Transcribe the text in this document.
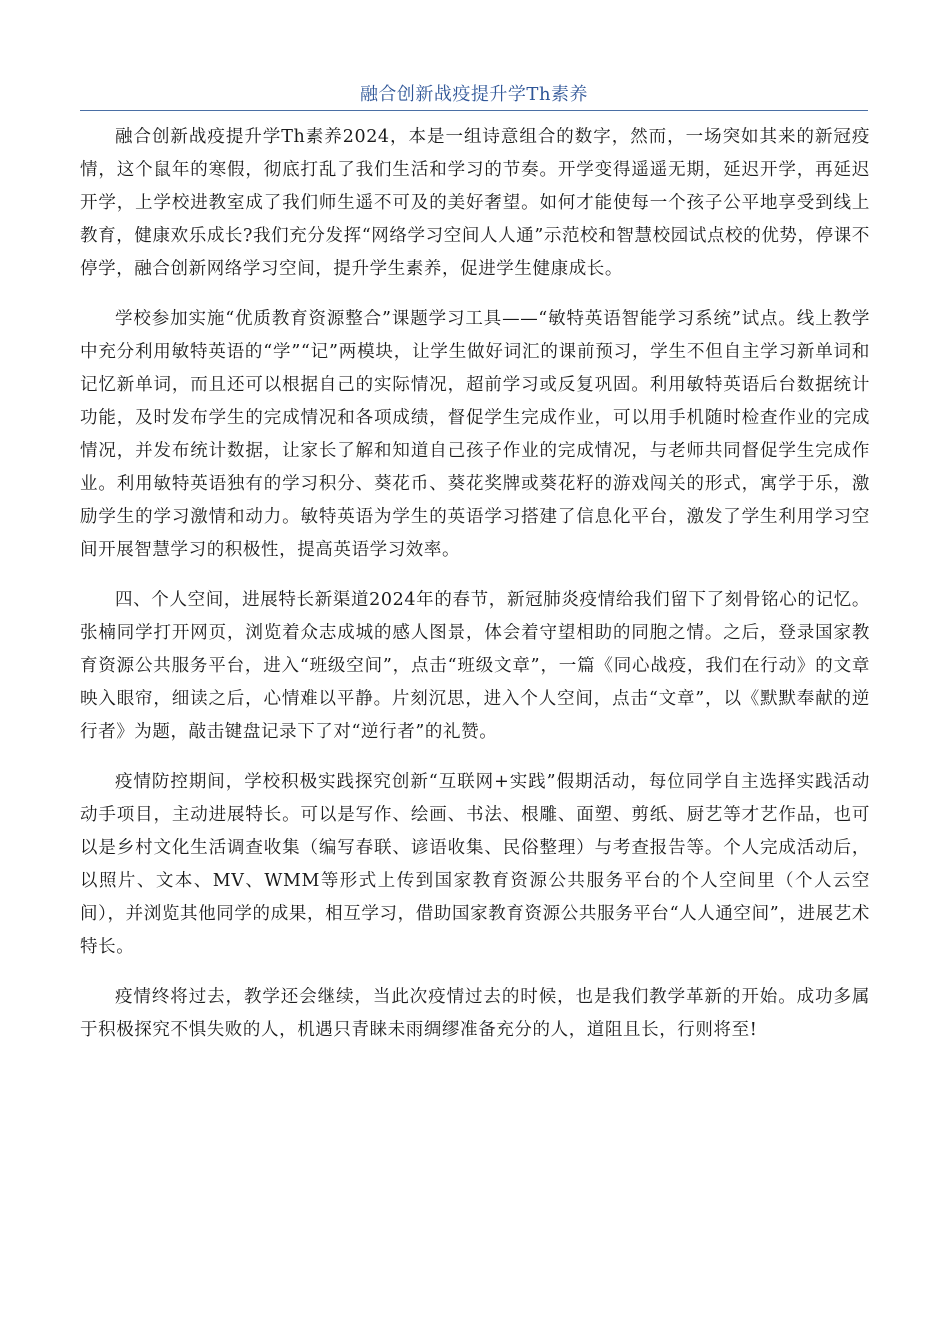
融合创新战疫提升学Th素养

融合创新战疫提升学Th素养2024，本是一组诗意组合的数字，然而，一场突如其来的新冠疫情，这个鼠年的寒假，彻底打乱了我们生活和学习的节奏。开学变得遥遥无期，延迟开学，再延迟开学，上学校进教室成了我们师生遥不可及的美好奢望。如何才能使每一个孩子公平地享受到线上教育，健康欢乐成长?我们充分发挥“网络学习空间人人通”示范校和智慧校园试点校的优势，停课不停学，融合创新网络学习空间，提升学生素养，促进学生健康成长。

学校参加实施“优质教育资源整合”课题学习工具——“敏特英语智能学习系统”试点。线上教学中充分利用敏特英语的“学”“记”两模块，让学生做好词汇的课前预习，学生不但自主学习新单词和记忆新单词，而且还可以根据自己的实际情况，超前学习或反复巩固。利用敏特英语后台数据统计功能，及时发布学生的完成情况和各项成绩，督促学生完成作业，可以用手机随时检查作业的完成情况，并发布统计数据，让家长了解和知道自己孩子作业的完成情况，与老师共同督促学生完成作业。利用敏特英语独有的学习积分、葵花币、葵花奖牌或葵花籽的游戏闯关的形式，寓学于乐，激励学生的学习激情和动力。敏特英语为学生的英语学习搭建了信息化平台，激发了学生利用学习空间开展智慧学习的积极性，提高英语学习效率。

四、个人空间，进展特长新渠道2024年的春节，新冠肺炎疫情给我们留下了刻骨铭心的记忆。张楠同学打开网页，浏览着众志成城的感人图景，体会着守望相助的同胞之情。之后，登录国家教育资源公共服务平台，进入“班级空间”，点击“班级文章”，一篇《同心战疫，我们在行动》的文章映入眼帘，细读之后，心情难以平静。片刻沉思，进入个人空间，点击“文章”，以《默默奉献的逆行者》为题，敲击键盘记录下了对“逆行者”的礼赞。

疫情防控期间，学校积极实践探究创新“互联网+实践”假期活动，每位同学自主选择实践活动动手项目，主动进展特长。可以是写作、绘画、书法、根雕、面塑、剪纸、厨艺等才艺作品，也可以是乡村文化生活调查收集（编写春联、谚语收集、民俗整理）与考查报告等。个人完成活动后，以照片、文本、MV、WMM等形式上传到国家教育资源公共服务平台的个人空间里（个人云空间），并浏览其他同学的成果，相互学习，借助国家教育资源公共服务平台“人人通空间”，进展艺术特长。

疫情终将过去，教学还会继续，当此次疫情过去的时候，也是我们教学革新的开始。成功多属于积极探究不惧失败的人，机遇只青睐未雨绸缪准备充分的人，道阻且长，行则将至!
